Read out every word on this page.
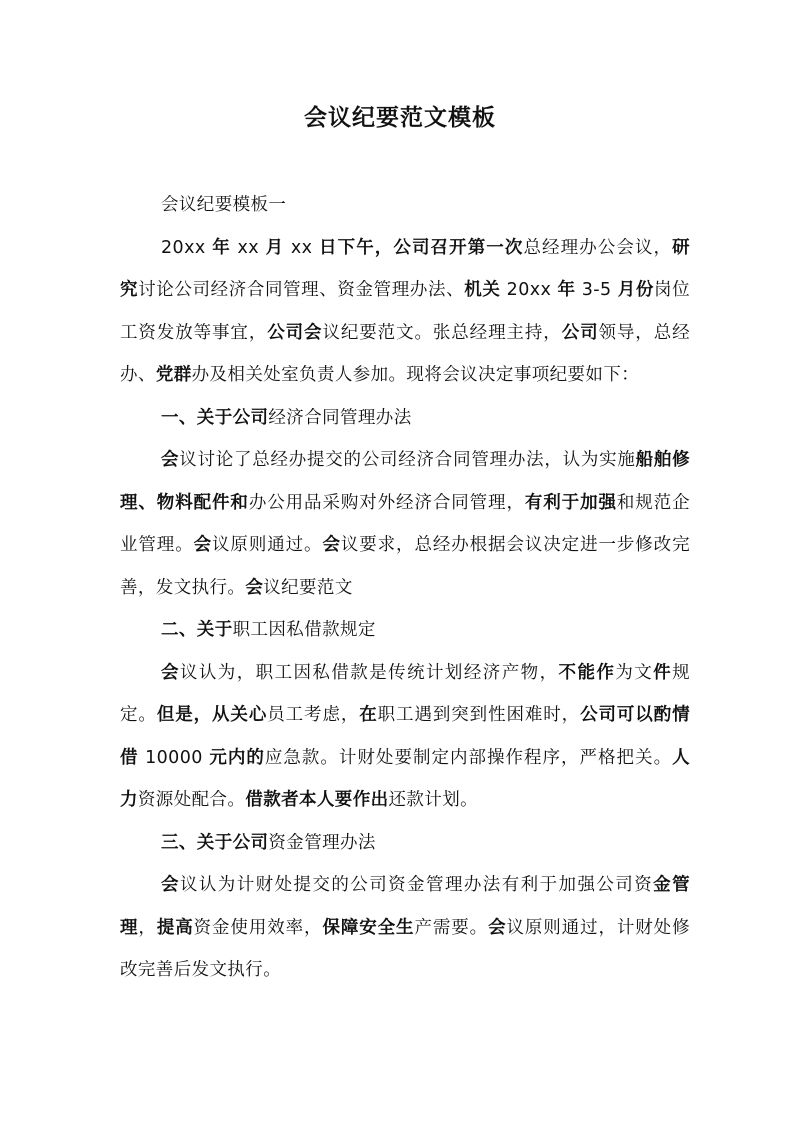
会议纪要范文模板

会议纪要模板一

20xx 年 xx 月 xx 日下午，公司召开第一次总经理办公会议，研究讨论公司经济合同管理、资金管理办法、机关 20xx 年 3-5 月份岗位工资发放等事宜，公司会议纪要范文。张总经理主持，公司领导，总经办、党群办及相关处室负责人参加。现将会议决定事项纪要如下：

一、关于公司经济合同管理办法

会议讨论了总经办提交的公司经济合同管理办法，认为实施船舶修理、物料配件和办公用品采购对外经济合同管理，有利于加强和规范企业管理。会议原则通过。会议要求，总经办根据会议决定进一步修改完善，发文执行。会议纪要范文

二、关于职工因私借款规定

会议认为，职工因私借款是传统计划经济产物，不能作为文件规定。但是，从关心员工考虑，在职工遇到突到性困难时，公司可以酌情借 10000 元内的应急款。计财处要制定内部操作程序，严格把关。人力资源处配合。借款者本人要作出还款计划。

三、关于公司资金管理办法

会议认为计财处提交的公司资金管理办法有利于加强公司资金管理，提高资金使用效率，保障安全生产需要。会议原则通过，计财处修改完善后发文执行。
